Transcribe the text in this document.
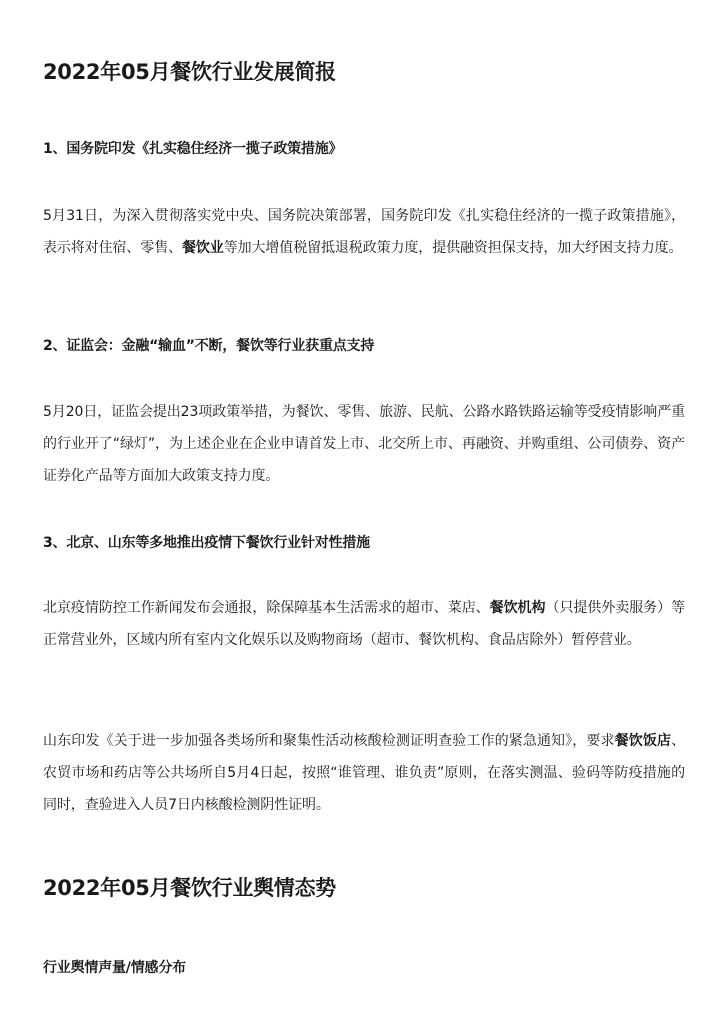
2022年05月餐饮行业发展简报
1、国务院印发《扎实稳住经济一揽子政策措施》

5月31日，为深入贯彻落实党中央、国务院决策部署，国务院印发《扎实稳住经济的一揽子政策措施》，表示将对住宿、零售、餐饮业等加大增值税留抵退税政策力度，提供融资担保支持，加大纾困支持力度。

2、证监会：金融“输血”不断，餐饮等行业获重点支持

5月20日，证监会提出23项政策举措，为餐饮、零售、旅游、民航、公路水路铁路运输等受疫情影响严重的行业开了“绿灯”，为上述企业在企业申请首发上市、北交所上市、再融资、并购重组、公司债券、资产证券化产品等方面加大政策支持力度。

3、北京、山东等多地推出疫情下餐饮行业针对性措施

北京疫情防控工作新闻发布会通报，除保障基本生活需求的超市、菜店、餐饮机构（只提供外卖服务）等正常营业外，区域内所有室内文化娱乐以及购物商场（超市、餐饮机构、食品店除外）暂停营业。

山东印发《关于进一步加强各类场所和聚集性活动核酸检测证明查验工作的紧急通知》，要求餐饮饭店、农贸市场和药店等公共场所自5月4日起，按照“谁管理、谁负责”原则，在落实测温、验码等防疫措施的同时，查验进入人员7日内核酸检测阴性证明。

2022年05月餐饮行业舆情态势
行业舆情声量/情感分布
